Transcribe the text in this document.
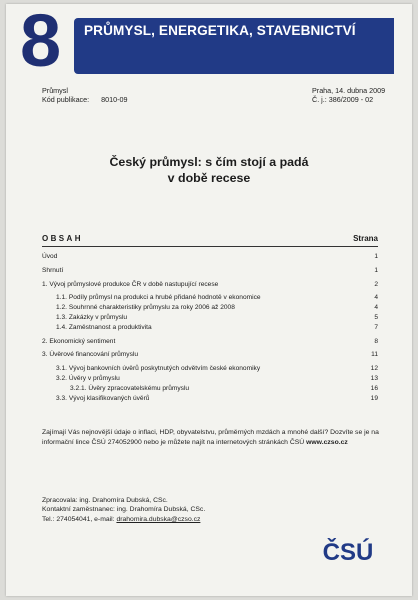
8	PRŮMYSL, ENERGETIKA, STAVEBNICTVÍ
Průmysl
Kód publikace: 8010-09
Praha, 14. dubna 2009
Č. j.: 386/2009 - 02
Český průmysl: s čím stojí a padá
v době recese
OBSAH	Strana
Úvod	1
Shrnutí	1
1. Vývoj průmyslové produkce ČR v době nastupující recese	2
1.1. Podíly průmysl na produkci a hrubé přidané hodnotě v ekonomice	4
1.2. Souhrnné charakteristiky průmyslu za roky 2006 až 2008	4
1.3. Zakázky v průmyslu	5
1.4. Zaměstnanost a produktivita	7
2. Ekonomický sentiment	8
3. Úvěrové financování průmyslu	11
3.1. Vývoj bankovních úvěrů poskytnutých odvětvím české ekonomiky	12
3.2. Úvěry v průmyslu	13
3.2.1. Úvěry zpracovatelskému průmyslu	16
3.3. Vývoj klasifikovaných úvěrů	19
Zajímají Vás nejnovější údaje o inflaci, HDP, obyvatelstvu, průměrných mzdách a mnohé další? Dozvíte se je na informační lince ČSÚ 274052900 nebo je můžete najít na internetových stránkách ČSÚ www.czso.cz
Zpracovala: ing. Drahomíra Dubská, CSc.
Kontaktní zaměstnanec: ing. Drahomíra Dubská, CSc.
Tel.: 274054041, e-mail: drahomira.dubska@czso.cz
ČSÚ
